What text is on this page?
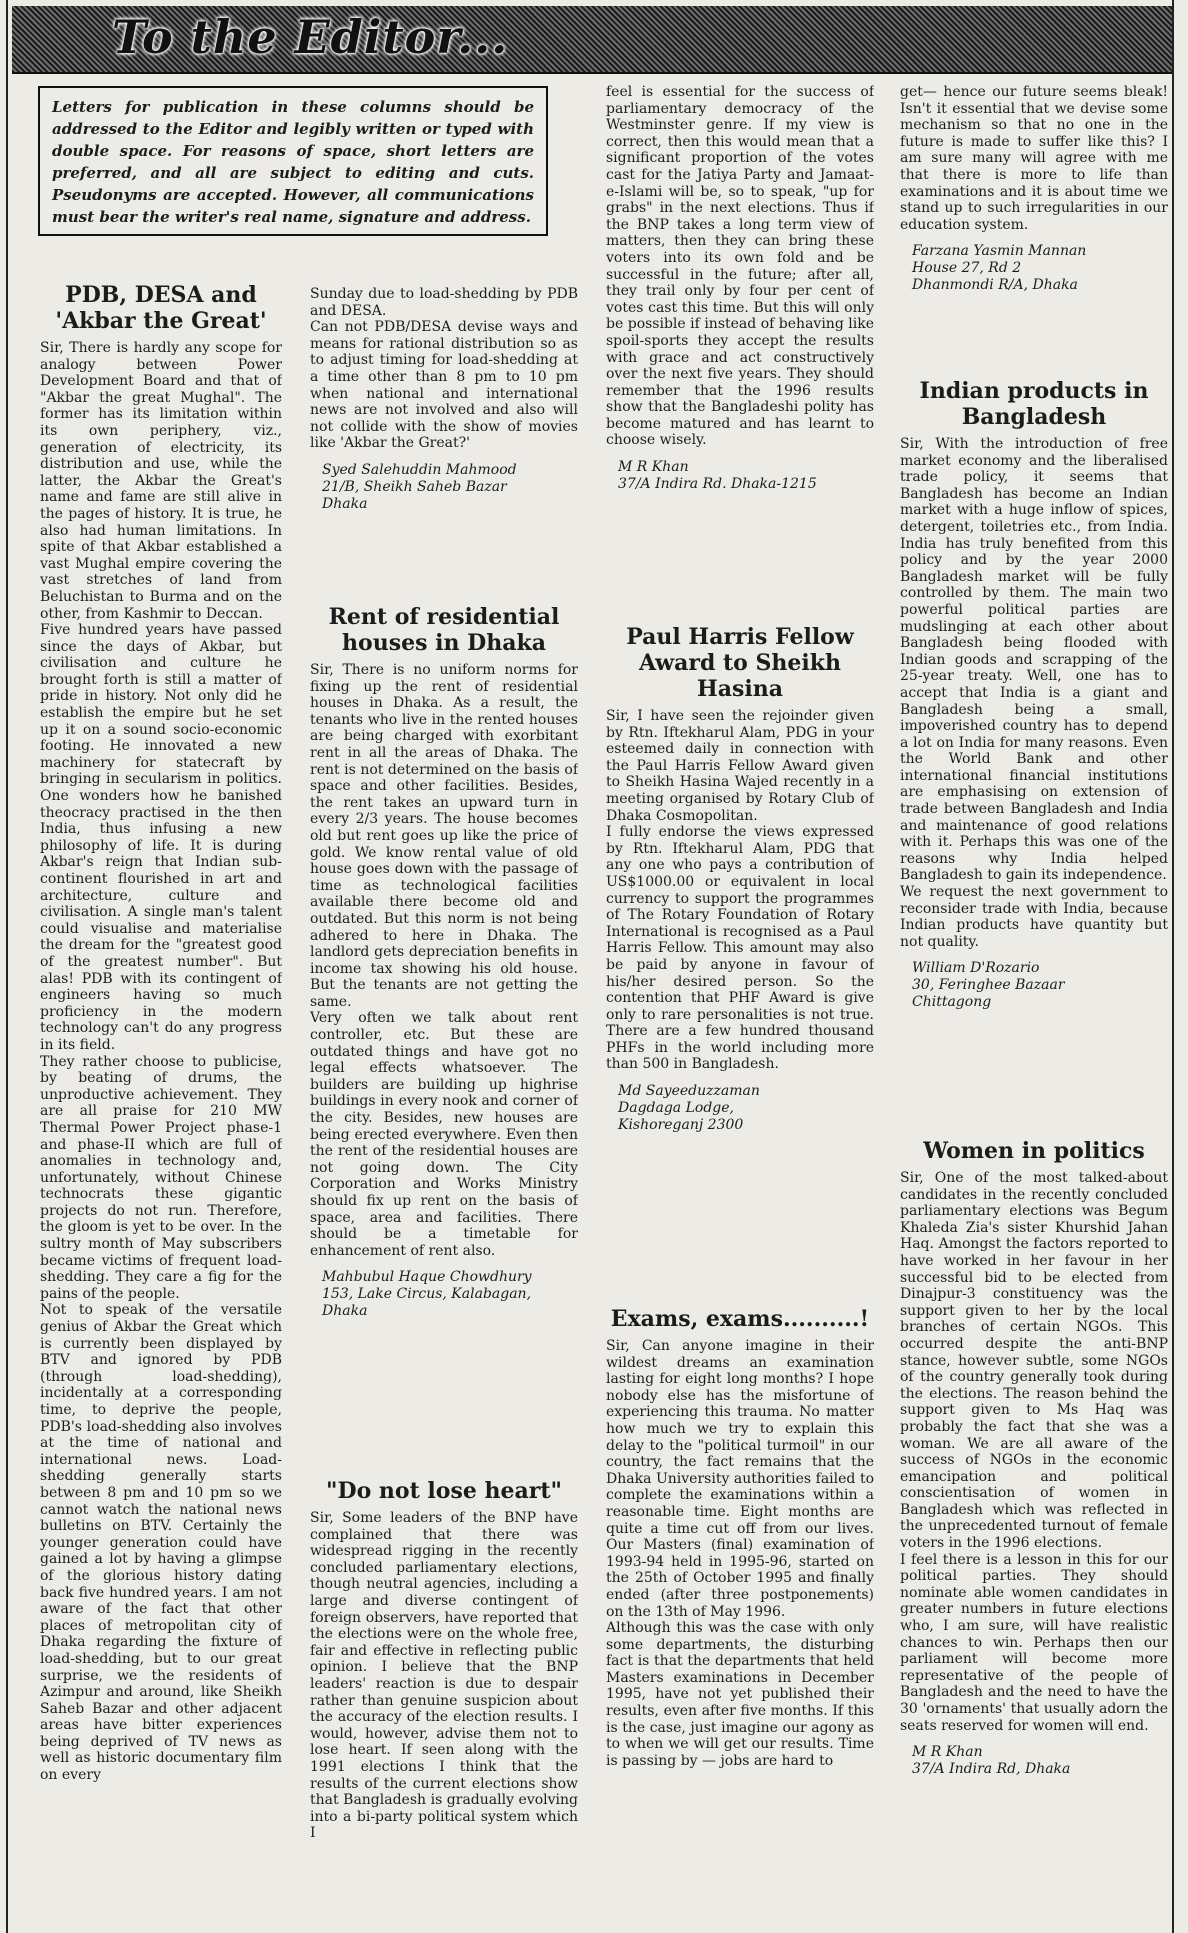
To the Editor...
Letters for publication in these columns should be addressed to the Editor and legibly written or typed with double space. For reasons of space, short letters are preferred, and all are subject to editing and cuts. Pseudonyms are accepted. However, all communications must bear the writer's real name, signature and address.
PDB, DESA and 'Akbar the Great'
Sir, There is hardly any scope for analogy between Power Development Board and that of "Akbar the great Mughal". The former has its limitation within its own periphery, viz., generation of electricity, its distribution and use, while the latter, the Akbar the Great's name and fame are still alive in the pages of history. It is true, he also had human limitations. In spite of that Akbar established a vast Mughal empire covering the vast stretches of land from Beluchistan to Burma and on the other, from Kashmir to Deccan.
Five hundred years have passed since the days of Akbar, but civilisation and culture he brought forth is still a matter of pride in history. Not only did he establish the empire but he set up it on a sound socio-economic footing. He innovated a new machinery for statecraft by bringing in secularism in politics. One wonders how he banished theocracy practised in the then India, thus infusing a new philosophy of life. It is during Akbar's reign that Indian sub-continent flourished in art and architecture, culture and civilisation. A single man's talent could visualise and materialise the dream for the "greatest good of the greatest number". But alas! PDB with its contingent of engineers having so much proficiency in the modern technology can't do any progress in its field.
They rather choose to publicise, by beating of drums, the unproductive achievement. They are all praise for 210 MW Thermal Power Project phase-1 and phase-II which are full of anomalies in technology and, unfortunately, without Chinese technocrats these gigantic projects do not run. Therefore, the gloom is yet to be over. In the sultry month of May subscribers became victims of frequent load-shedding. They care a fig for the pains of the people.
Not to speak of the versatile genius of Akbar the Great which is currently been displayed by BTV and ignored by PDB (through load-shedding), incidentally at a corresponding time, to deprive the people, PDB's load-shedding also involves at the time of national and international news. Load-shedding generally starts between 8 pm and 10 pm so we cannot watch the national news bulletins on BTV. Certainly the younger generation could have gained a lot by having a glimpse of the glorious history dating back five hundred years. I am not aware of the fact that other places of metropolitan city of Dhaka regarding the fixture of load-shedding, but to our great surprise, we the residents of Azimpur and around, like Sheikh Saheb Bazar and other adjacent areas have bitter experiences being deprived of TV news as well as historic documentary film on every
Sunday due to load-shedding by PDB and DESA.
Can not PDB/DESA devise ways and means for rational distribution so as to adjust timing for load-shedding at a time other than 8 pm to 10 pm when national and international news are not involved and also will not collide with the show of movies like 'Akbar the Great?'
Syed Salehuddin Mahmood
21/B, Sheikh Saheb Bazar
Dhaka
Rent of residential houses in Dhaka
Sir, There is no uniform norms for fixing up the rent of residential houses in Dhaka. As a result, the tenants who live in the rented houses are being charged with exorbitant rent in all the areas of Dhaka. The rent is not determined on the basis of space and other facilities. Besides, the rent takes an upward turn in every 2/3 years. The house becomes old but rent goes up like the price of gold. We know rental value of old house goes down with the passage of time as technological facilities available there become old and outdated. But this norm is not being adhered to here in Dhaka. The landlord gets depreciation benefits in income tax showing his old house. But the tenants are not getting the same.
Very often we talk about rent controller, etc. But these are outdated things and have got no legal effects whatsoever. The builders are building up highrise buildings in every nook and corner of the city. Besides, new houses are being erected everywhere. Even then the rent of the residential houses are not going down. The City Corporation and Works Ministry should fix up rent on the basis of space, area and facilities. There should be a timetable for enhancement of rent also.
Mahbubul Haque Chowdhury
153, Lake Circus, Kalabagan,
Dhaka
"Do not lose heart"
Sir, Some leaders of the BNP have complained that there was widespread rigging in the recently concluded parliamentary elections, though neutral agencies, including a large and diverse contingent of foreign observers, have reported that the elections were on the whole free, fair and effective in reflecting public opinion. I believe that the BNP leaders' reaction is due to despair rather than genuine suspicion about the accuracy of the election results. I would, however, advise them not to lose heart. If seen along with the 1991 elections I think that the results of the current elections show that Bangladesh is gradually evolving into a bi-party political system which I
feel is essential for the success of parliamentary democracy of the Westminster genre. If my view is correct, then this would mean that a significant proportion of the votes cast for the Jatiya Party and Jamaat-e-Islami will be, so to speak, "up for grabs" in the next elections. Thus if the BNP takes a long term view of matters, then they can bring these voters into its own fold and be successful in the future; after all, they trail only by four per cent of votes cast this time. But this will only be possible if instead of behaving like spoil-sports they accept the results with grace and act constructively over the next five years. They should remember that the 1996 results show that the Bangladeshi polity has become matured and has learnt to choose wisely.
M R Khan
37/A Indira Rd. Dhaka-1215
Paul Harris Fellow Award to Sheikh Hasina
Sir, I have seen the rejoinder given by Rtn. Iftekharul Alam, PDG in your esteemed daily in connection with the Paul Harris Fellow Award given to Sheikh Hasina Wajed recently in a meeting organised by Rotary Club of Dhaka Cosmopolitan.
I fully endorse the views expressed by Rtn. Iftekharul Alam, PDG that any one who pays a contribution of US$1000.00 or equivalent in local currency to support the programmes of The Rotary Foundation of Rotary International is recognised as a Paul Harris Fellow. This amount may also be paid by anyone in favour of his/her desired person. So the contention that PHF Award is give only to rare personalities is not true. There are a few hundred thousand PHFs in the world including more than 500 in Bangladesh.
Md Sayeeduzzaman
Dagdaga Lodge,
Kishoreganj 2300
Exams, exams..........!
Sir, Can anyone imagine in their wildest dreams an examination lasting for eight long months? I hope nobody else has the misfortune of experiencing this trauma. No matter how much we try to explain this delay to the "political turmoil" in our country, the fact remains that the Dhaka University authorities failed to complete the examinations within a reasonable time. Eight months are quite a time cut off from our lives. Our Masters (final) examination of 1993-94 held in 1995-96, started on the 25th of October 1995 and finally ended (after three postponements) on the 13th of May 1996.
Although this was the case with only some departments, the disturbing fact is that the departments that held Masters examinations in December 1995, have not yet published their results, even after five months. If this is the case, just imagine our agony as to when we will get our results. Time is passing by — jobs are hard to
get— hence our future seems bleak! Isn't it essential that we devise some mechanism so that no one in the future is made to suffer like this? I am sure many will agree with me that there is more to life than examinations and it is about time we stand up to such irregularities in our education system.
Farzana Yasmin Mannan
House 27, Rd 2
Dhanmondi R/A, Dhaka
Indian products in Bangladesh
Sir, With the introduction of free market economy and the liberalised trade policy, it seems that Bangladesh has become an Indian market with a huge inflow of spices, detergent, toiletries etc., from India. India has truly benefited from this policy and by the year 2000 Bangladesh market will be fully controlled by them. The main two powerful political parties are mudslinging at each other about Bangladesh being flooded with Indian goods and scrapping of the 25-year treaty. Well, one has to accept that India is a giant and Bangladesh being a small, impoverished country has to depend a lot on India for many reasons. Even the World Bank and other international financial institutions are emphasising on extension of trade between Bangladesh and India and maintenance of good relations with it. Perhaps this was one of the reasons why India helped Bangladesh to gain its independence.
We request the next government to reconsider trade with India, because Indian products have quantity but not quality.
William D'Rozario
30, Feringhee Bazaar
Chittagong
Women in politics
Sir, One of the most talked-about candidates in the recently concluded parliamentary elections was Begum Khaleda Zia's sister Khurshid Jahan Haq. Amongst the factors reported to have worked in her favour in her successful bid to be elected from Dinajpur-3 constituency was the support given to her by the local branches of certain NGOs. This occurred despite the anti-BNP stance, however subtle, some NGOs of the country generally took during the elections. The reason behind the support given to Ms Haq was probably the fact that she was a woman. We are all aware of the success of NGOs in the economic emancipation and political conscientisation of women in Bangladesh which was reflected in the unprecedented turnout of female voters in the 1996 elections.
I feel there is a lesson in this for our political parties. They should nominate able women candidates in greater numbers in future elections who, I am sure, will have realistic chances to win. Perhaps then our parliament will become more representative of the people of Bangladesh and the need to have the 30 'ornaments' that usually adorn the seats reserved for women will end.
M R Khan
37/A Indira Rd, Dhaka
